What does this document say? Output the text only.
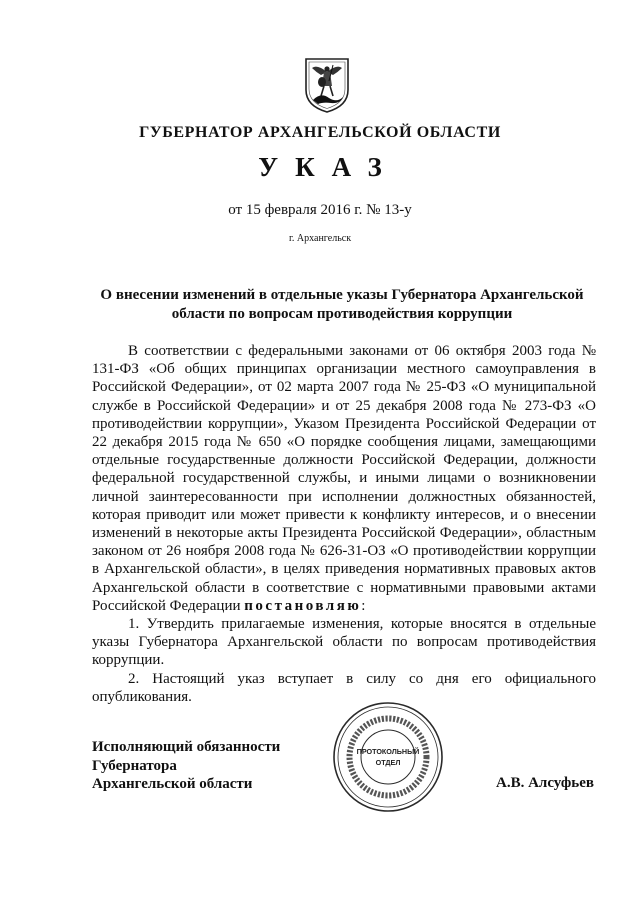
ГУБЕРНАТОР АРХАНГЕЛЬСКОЙ ОБЛАСТИ
УКАЗ
от 15 февраля 2016 г. № 13-у
г. Архангельск
О внесении изменений в отдельные указы Губернатора Архангельской области по вопросам противодействия коррупции

В соответствии с федеральными законами от 06 октября 2003 года № 131-ФЗ «Об общих принципах организации местного самоуправления в Российской Федерации», от 02 марта 2007 года № 25-ФЗ «О муниципальной службе в Российской Федерации» и от 25 декабря 2008 года № 273-ФЗ «О противодействии коррупции», Указом Президента Российской Федерации от 22 декабря 2015 года № 650 «О порядке сообщения лицами, замещающими отдельные государственные должности Российской Федерации, должности федеральной государственной службы, и иными лицами о возникновении личной заинтересованности при исполнении должностных обязанностей, которая приводит или может привести к конфликту интересов, и о внесении изменений в некоторые акты Президента Российской Федерации», областным законом от 26 ноября 2008 года № 626-31-ОЗ «О противодействии коррупции в Архангельской области», в целях приведения нормативных правовых актов Архангельской области в соответствие с нормативными правовыми актами Российской Федерации постановляю:

1. Утвердить прилагаемые изменения, которые вносятся в отдельные указы Губернатора Архангельской области по вопросам противодействия коррупции.

2. Настоящий указ вступает в силу со дня его официального опубликования.

Исполняющий обязанности
Губернатора
Архангельской области	А.В. Алсуфьев
ПРОТОКОЛЬНЫЙ
ОТДЕЛ
